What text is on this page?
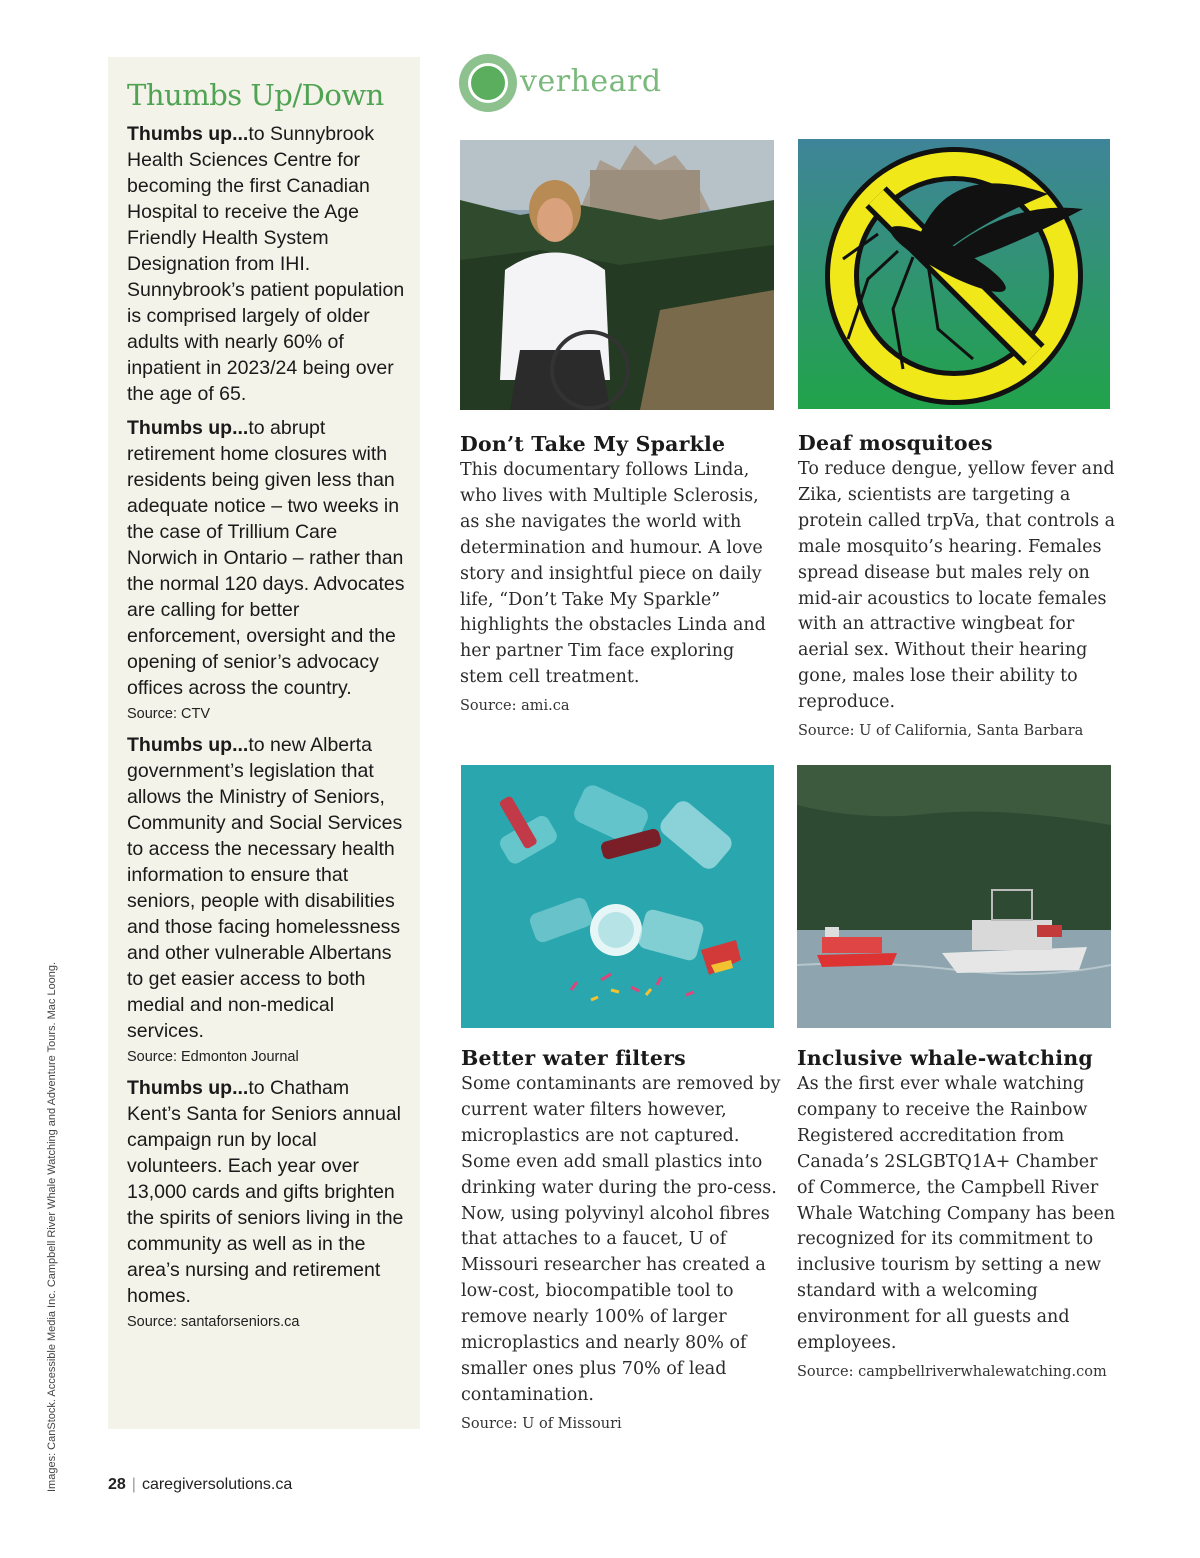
Thumbs Up/Down
Thumbs up...to Sunnybrook Health Sciences Centre for becoming the first Canadian Hospital to receive the Age Friendly Health System Designation from IHI. Sunnybrook’s patient population is comprised largely of older adults with nearly 60% of inpatient in 2023/24 being over the age of 65.
Thumbs up...to abrupt retirement home closures with residents being given less than adequate notice – two weeks in the case of Trillium Care Norwich in Ontario – rather than the normal 120 days. Advocates are calling for better enforcement, oversight and the opening of senior’s advocacy offices across the country.
Source: CTV
Thumbs up...to new Alberta government’s legislation that allows the Ministry of Seniors, Community and Social Services to access the necessary health information to ensure that seniors, people with disabilities and those facing homelessness and other vulnerable Albertans to get easier access to both medial and non-medical services.
Source: Edmonton Journal
Thumbs up...to Chatham Kent’s Santa for Seniors annual campaign run by local volunteers. Each year over 13,000 cards and gifts brighten the spirits of seniors living in the community as well as in the area’s nursing and retirement homes.
Source: santaforseniors.ca
verheard
Don’t Take My Sparkle
This documentary follows Linda, who lives with Multiple Sclerosis, as she navigates the world with determination and humour. A love story and insightful piece on daily life, “Don’t Take My Sparkle” highlights the obstacles Linda and her partner Tim face exploring stem cell treatment.
Source: ami.ca
Deaf mosquitoes
To reduce dengue, yellow fever and Zika, scientists are targeting a protein called trpVa, that controls a male mosquito’s hearing. Females spread disease but males rely on mid-air acoustics to locate females with an attractive wingbeat for aerial sex. Without their hearing gone, males lose their ability to reproduce.
Source: U of California, Santa Barbara
Better water filters
Some contaminants are removed by current water filters however, microplastics are not captured. Some even add small plastics into drinking water during the pro-cess. Now, using polyvinyl alcohol fibres that attaches to a faucet, U of Missouri researcher has created a low-cost, biocompatible tool to remove nearly 100% of larger microplastics and nearly 80% of smaller ones plus 70% of lead contamination.
Source: U of Missouri
Inclusive whale-watching
As the first ever whale watching company to receive the Rainbow Registered accreditation from Canada’s 2SLGBTQ1A+ Chamber of Commerce, the Campbell River Whale Watching Company has been recognized for its commitment to inclusive tourism by setting a new standard with a welcoming environment for all guests and employees.
Source: campbellriverwhalewatching.com
28 | caregiversolutions.ca
Images: CanStock. Accessible Media Inc. Campbell River Whale Watching and Adventure Tours. Mac Loong.
